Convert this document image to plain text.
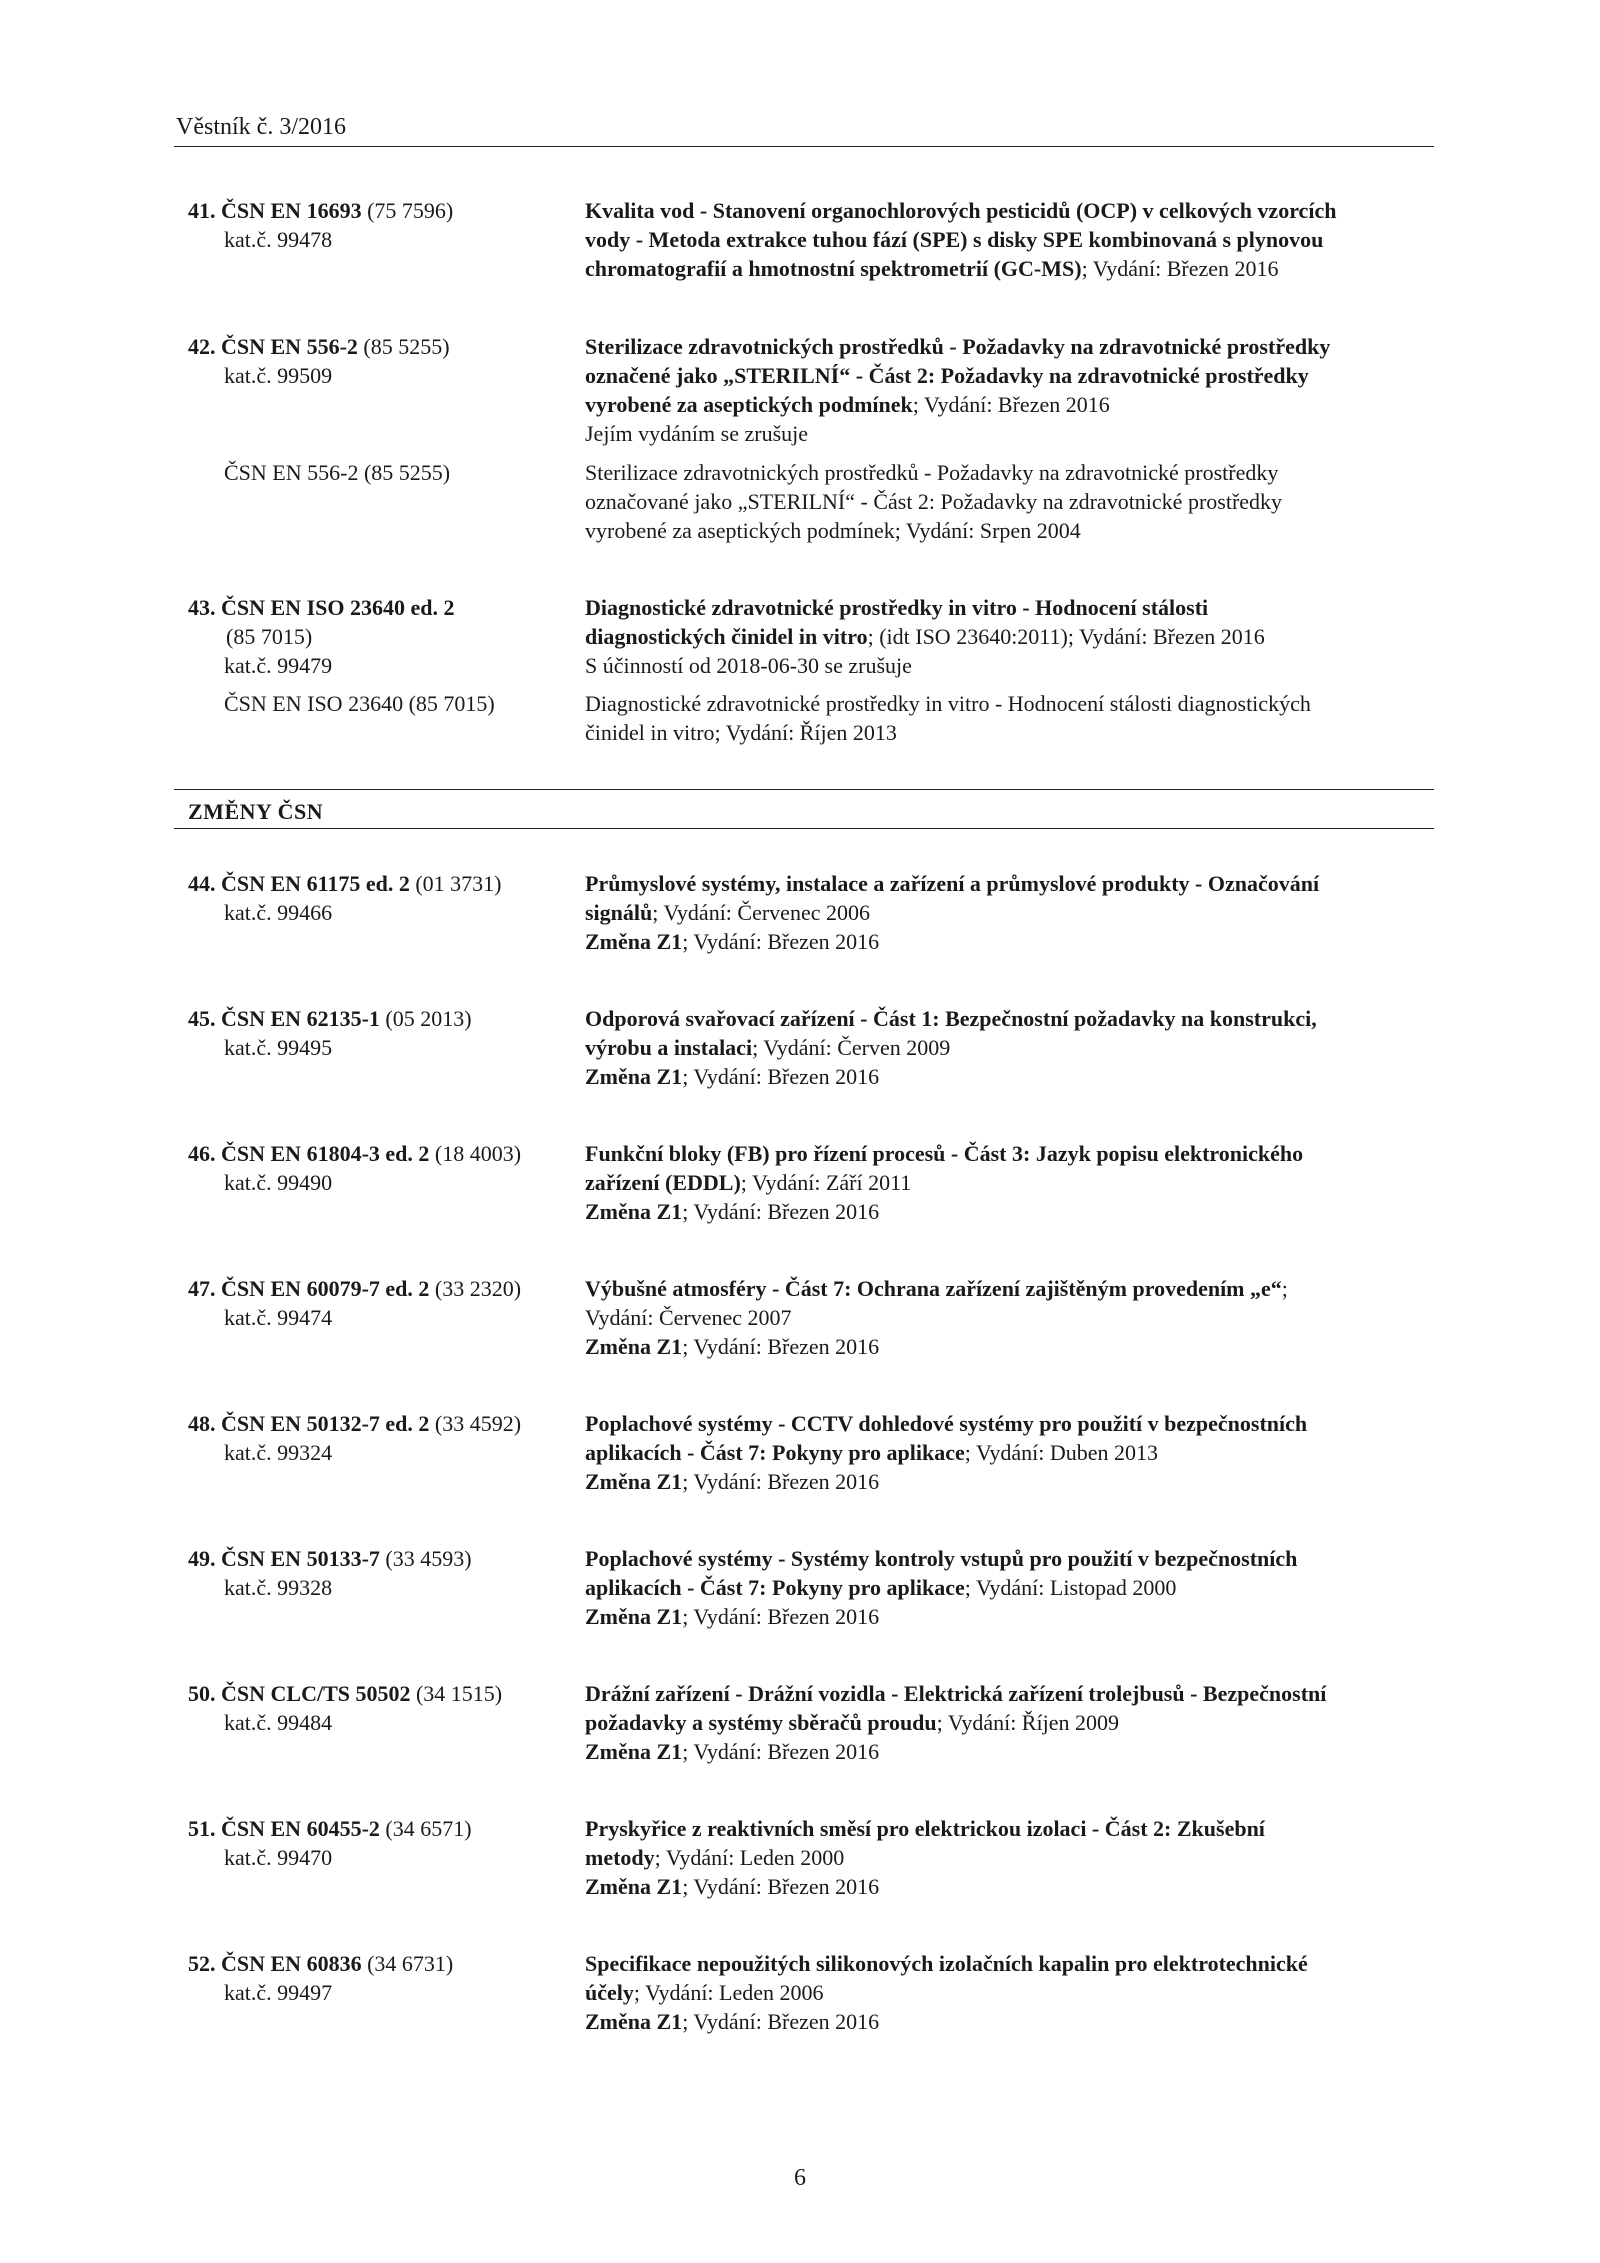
Věstník č. 3/2016
41. ČSN EN 16693 (75 7596)
kat.č. 99478
Kvalita vod - Stanovení organochlorových pesticidů (OCP) v celkových vzorcích
vody - Metoda extrakce tuhou fází (SPE) s disky SPE kombinovaná s plynovou
chromatografií a hmotnostní spektrometrií (GC-MS); Vydání: Březen 2016
42. ČSN EN 556-2 (85 5255)
kat.č. 99509
Sterilizace zdravotnických prostředků - Požadavky na zdravotnické prostředky
označené jako „STERILNÍ“ - Část 2: Požadavky na zdravotnické prostředky
vyrobené za aseptických podmínek; Vydání: Březen 2016
Jejím vydáním se zrušuje
ČSN EN 556-2 (85 5255)	Sterilizace zdravotnických prostředků - Požadavky na zdravotnické prostředky
označované jako „STERILNÍ“ - Část 2: Požadavky na zdravotnické prostředky
vyrobené za aseptických podmínek; Vydání: Srpen 2004
43. ČSN EN ISO 23640 ed. 2
(85 7015)
kat.č. 99479
Diagnostické zdravotnické prostředky in vitro - Hodnocení stálosti
diagnostických činidel in vitro; (idt ISO 23640:2011); Vydání: Březen 2016
S účinností od 2018-06-30 se zrušuje
ČSN EN ISO 23640 (85 7015)	Diagnostické zdravotnické prostředky in vitro - Hodnocení stálosti diagnostických
činidel in vitro; Vydání: Říjen 2013
ZMĚNY ČSN
44. ČSN EN 61175 ed. 2 (01 3731)
kat.č. 99466
Průmyslové systémy, instalace a zařízení a průmyslové produkty - Označování
signálů; Vydání: Červenec 2006
Změna Z1; Vydání: Březen 2016
45. ČSN EN 62135-1 (05 2013)
kat.č. 99495
Odporová svařovací zařízení - Část 1: Bezpečnostní požadavky na konstrukci,
výrobu a instalaci; Vydání: Červen 2009
Změna Z1; Vydání: Březen 2016
46. ČSN EN 61804-3 ed. 2 (18 4003)
kat.č. 99490
Funkční bloky (FB) pro řízení procesů - Část 3: Jazyk popisu elektronického
zařízení (EDDL); Vydání: Září 2011
Změna Z1; Vydání: Březen 2016
47. ČSN EN 60079-7 ed. 2 (33 2320)
kat.č. 99474
Výbušné atmosféry - Část 7: Ochrana zařízení zajištěným provedením „e“;
Vydání: Červenec 2007
Změna Z1; Vydání: Březen 2016
48. ČSN EN 50132-7 ed. 2 (33 4592)
kat.č. 99324
Poplachové systémy - CCTV dohledové systémy pro použití v bezpečnostních
aplikacích - Část 7: Pokyny pro aplikace; Vydání: Duben 2013
Změna Z1; Vydání: Březen 2016
49. ČSN EN 50133-7 (33 4593)
kat.č. 99328
Poplachové systémy - Systémy kontroly vstupů pro použití v bezpečnostních
aplikacích - Část 7: Pokyny pro aplikace; Vydání: Listopad 2000
Změna Z1; Vydání: Březen 2016
50. ČSN CLC/TS 50502 (34 1515)
kat.č. 99484
Drážní zařízení - Drážní vozidla - Elektrická zařízení trolejbusů - Bezpečnostní
požadavky a systémy sběračů proudu; Vydání: Říjen 2009
Změna Z1; Vydání: Březen 2016
51. ČSN EN 60455-2 (34 6571)
kat.č. 99470
Pryskyřice z reaktivních směsí pro elektrickou izolaci - Část 2: Zkušební
metody; Vydání: Leden 2000
Změna Z1; Vydání: Březen 2016
52. ČSN EN 60836 (34 6731)
kat.č. 99497
Specifikace nepoužitých silikonových izolačních kapalin pro elektrotechnické
účely; Vydání: Leden 2006
Změna Z1; Vydání: Březen 2016
6
